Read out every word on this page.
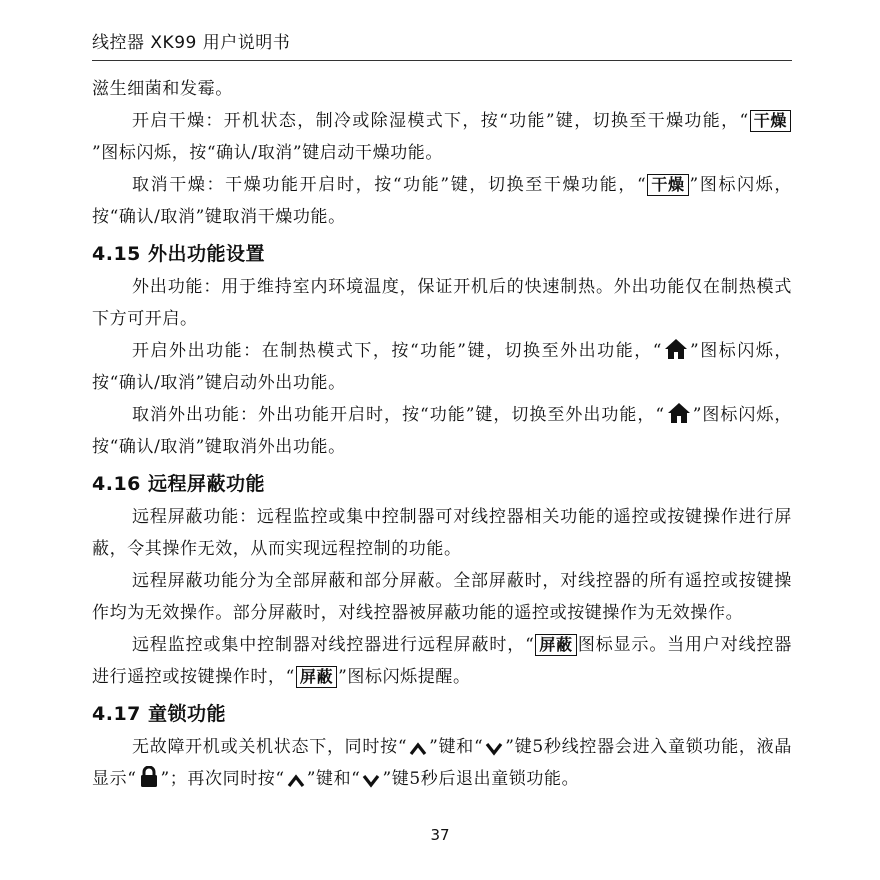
线控器 XK99 用户说明书

滋生细菌和发霉。

开启干燥：开机状态，制冷或除湿模式下，按“功能”键，切换至干燥功能，“ 干燥”图标闪烁，按“确认/取消”键启动干燥功能。

取消干燥：干燥功能开启时，按“功能”键，切换至干燥功能，“ 干燥 ”图标闪烁，按“确认/取消”键取消干燥功能。

4.15 外出功能设置

外出功能：用于维持室内环境温度，保证开机后的快速制热。外出功能仅在制热模式下方可开启。

开启外出功能：在制热模式下，按“功能”键，切换至外出功能，“ ”图标闪烁，按“确认/取消”键启动外出功能。

取消外出功能：外出功能开启时，按“功能”键，切换至外出功能，“ ”图标闪烁，按“确认/取消”键取消外出功能。

4.16 远程屏蔽功能

远程屏蔽功能：远程监控或集中控制器可对线控器相关功能的遥控或按键操作进行屏蔽，令其操作无效，从而实现远程控制的功能。

远程屏蔽功能分为全部屏蔽和部分屏蔽。全部屏蔽时，对线控器的所有遥控或按键操作均为无效操作。部分屏蔽时，对线控器被屏蔽功能的遥控或按键操作为无效操作。

远程监控或集中控制器对线控器进行远程屏蔽时，“ 屏蔽 图标显示。当用户对线控器进行遥控或按键操作时，“ 屏蔽 ”图标闪烁提醒。

4.17 童锁功能

无故障开机或关机状态下，同时按“ ”键和“ ”键5秒线控器会进入童锁功能，液晶显示“ ”；再次同时按“ ”键和“ ”键5秒后退出童锁功能。

37
